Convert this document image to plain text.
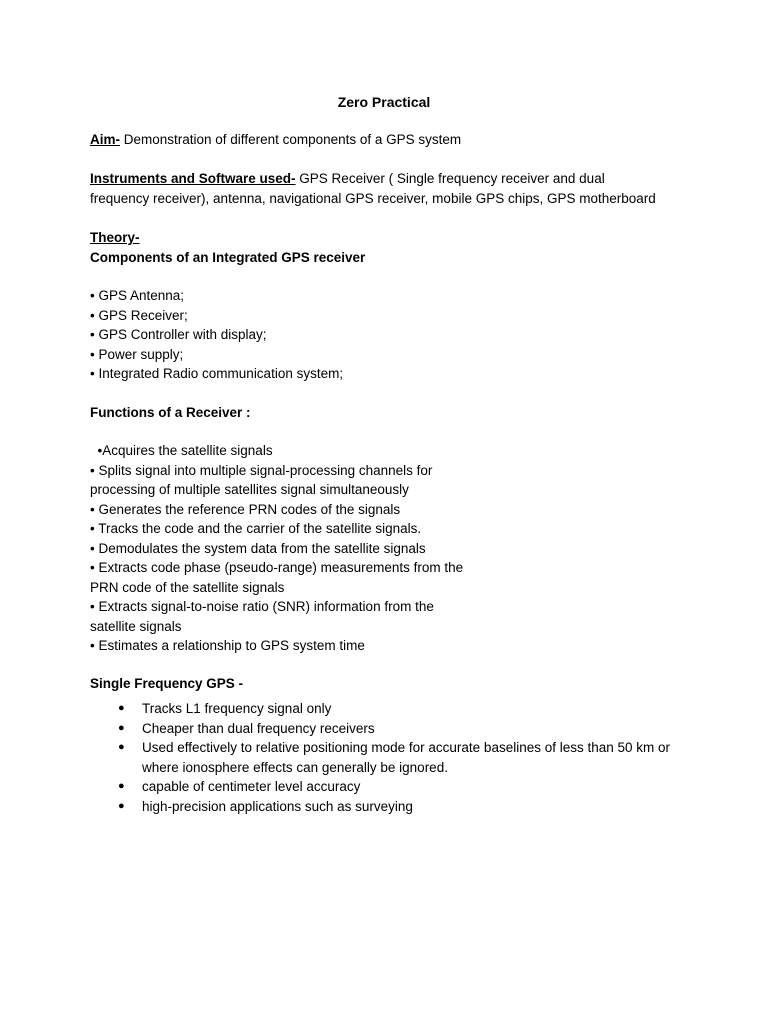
Zero Practical
Aim- Demonstration of different components of a GPS system
Instruments and Software used- GPS Receiver ( Single frequency receiver and dual
frequency receiver), antenna, navigational GPS receiver, mobile GPS chips, GPS motherboard
Theory-
Components of an Integrated GPS receiver
• GPS Antenna;
• GPS Receiver;
• GPS Controller with display;
• Power supply;
• Integrated Radio communication system;
Functions of a Receiver :
•Acquires the satellite signals
• Splits signal into multiple signal-processing channels for
processing of multiple satellites signal simultaneously
• Generates the reference PRN codes of the signals
• Tracks the code and the carrier of the satellite signals.
• Demodulates the system data from the satellite signals
• Extracts code phase (pseudo-range) measurements from the
PRN code of the satellite signals
• Extracts signal-to-noise ratio (SNR) information from the
satellite signals
• Estimates a relationship to GPS system time
Single Frequency GPS -
● Tracks L1 frequency signal only
● Cheaper than dual frequency receivers
● Used effectively to relative positioning mode for accurate baselines of less than 50 km or where ionosphere effects can generally be ignored.
● capable of centimeter level accuracy
● high-precision applications such as surveying
